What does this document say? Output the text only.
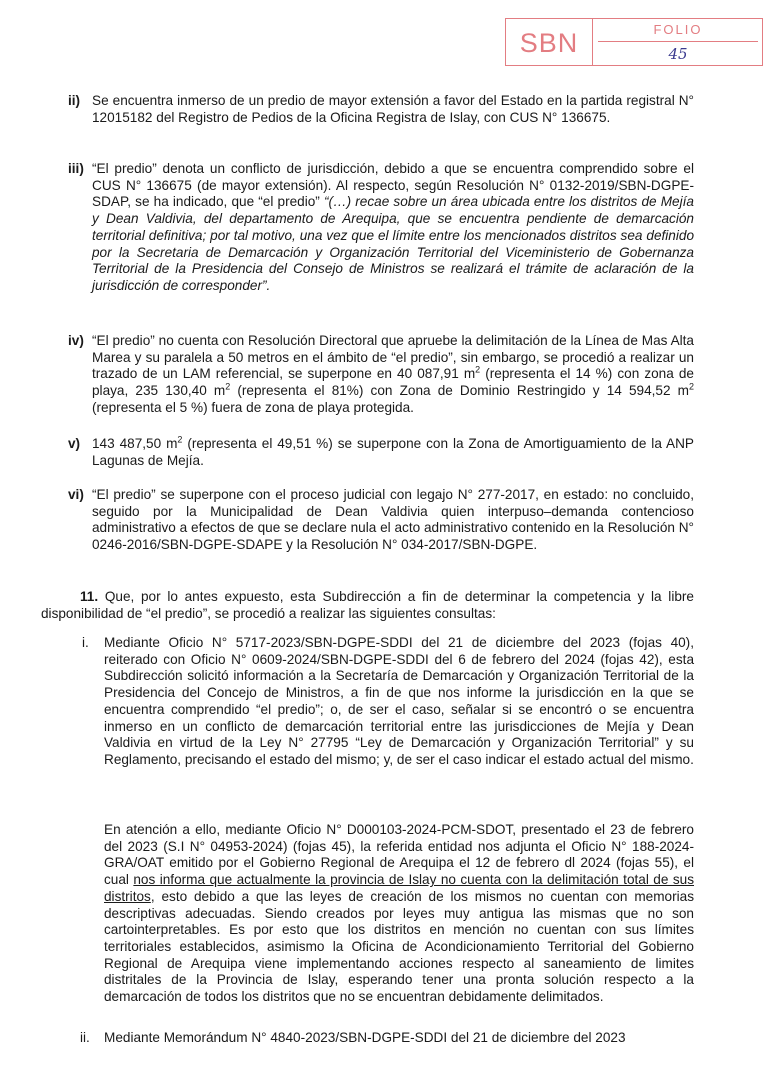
SBN	FOLIO
45
ii) Se encuentra inmerso de un predio de mayor extensión a favor del Estado en la partida registral N° 12015182 del Registro de Pedios de la Oficina Registra de Islay, con CUS N° 136675.

iii) “El predio” denota un conflicto de jurisdicción, debido a que se encuentra comprendido sobre el CUS N° 136675 (de mayor extensión). Al respecto, según Resolución N° 0132-2019/SBN-DGPE-SDAP, se ha indicado, que “el predio” “(…) recae sobre un área ubicada entre los distritos de Mejía y Dean Valdivia, del departamento de Arequipa, que se encuentra pendiente de demarcación territorial definitiva; por tal motivo, una vez que el límite entre los mencionados distritos sea definido por la Secretaria de Demarcación y Organización Territorial del Viceministerio de Gobernanza Territorial de la Presidencia del Consejo de Ministros se realizará el trámite de aclaración de la jurisdicción de corresponder”.

iv) “El predio” no cuenta con Resolución Directoral que apruebe la delimitación de la Línea de Mas Alta Marea y su paralela a 50 metros en el ámbito de “el predio”, sin embargo, se procedió a realizar un trazado de un LAM referencial, se superpone en 40 087,91 $m^2$ (representa el 14 %) con zona de playa, 235 130,40 $m^2$ (representa el 81%) con Zona de Dominio Restringido y 14 594,52 $m^2$ (representa el 5 %) fuera de zona de playa protegida.

v) 143 487,50 $m^2$ (representa el 49,51 %) se superpone con la Zona de Amortiguamiento de la ANP Lagunas de Mejía.

vi) “El predio” se superpone con el proceso judicial con legajo N° 277-2017, en estado: no concluido, seguido por la Municipalidad de Dean Valdivia quien interpuso–demanda contencioso administrativo a efectos de que se declare nula el acto administrativo contenido en la Resolución N° 0246-2016/SBN-DGPE-SDAPE y la Resolución N° 034-2017/SBN-DGPE.

11. Que, por lo antes expuesto, esta Subdirección a fin de determinar la competencia y la libre disponibilidad de “el predio”, se procedió a realizar las siguientes consultas:

i. Mediante Oficio N° 5717-2023/SBN-DGPE-SDDI del 21 de diciembre del 2023 (fojas 40), reiterado con Oficio N° 0609-2024/SBN-DGPE-SDDI del 6 de febrero del 2024 (fojas 42), esta Subdirección solicitó información a la Secretaría de Demarcación y Organización Territorial de la Presidencia del Concejo de Ministros, a fin de que nos informe la jurisdicción en la que se encuentra comprendido “el predio”; o, de ser el caso, señalar si se encontró o se encuentra inmerso en un conflicto de demarcación territorial entre las jurisdicciones de Mejía y Dean Valdivia en virtud de la Ley N° 27795 “Ley de Demarcación y Organización Territorial” y su Reglamento, precisando el estado del mismo; y, de ser el caso indicar el estado actual del mismo.

En atención a ello, mediante Oficio N° D000103-2024-PCM-SDOT, presentado el 23 de febrero del 2023 (S.I N° 04953-2024) (fojas 45), la referida entidad nos adjunta el Oficio N° 188-2024-GRA/OAT emitido por el Gobierno Regional de Arequipa el 12 de febrero dl 2024 (fojas 55), el cual nos informa que actualmente la provincia de Islay no cuenta con la delimitación total de sus distritos, esto debido a que las leyes de creación de los mismos no cuentan con memorias descriptivas adecuadas. Siendo creados por leyes muy antigua las mismas que no son cartointerpretables. Es por esto que los distritos en mención no cuentan con sus límites territoriales establecidos, asimismo la Oficina de Acondicionamiento Territorial del Gobierno Regional de Arequipa viene implementando acciones respecto al saneamiento de limites distritales de la Provincia de Islay, esperando tener una pronta solución respecto a la demarcación de todos los distritos que no se encuentran debidamente delimitados.

ii. Mediante Memorándum N° 4840-2023/SBN-DGPE-SDDI del 21 de diciembre del 2023
